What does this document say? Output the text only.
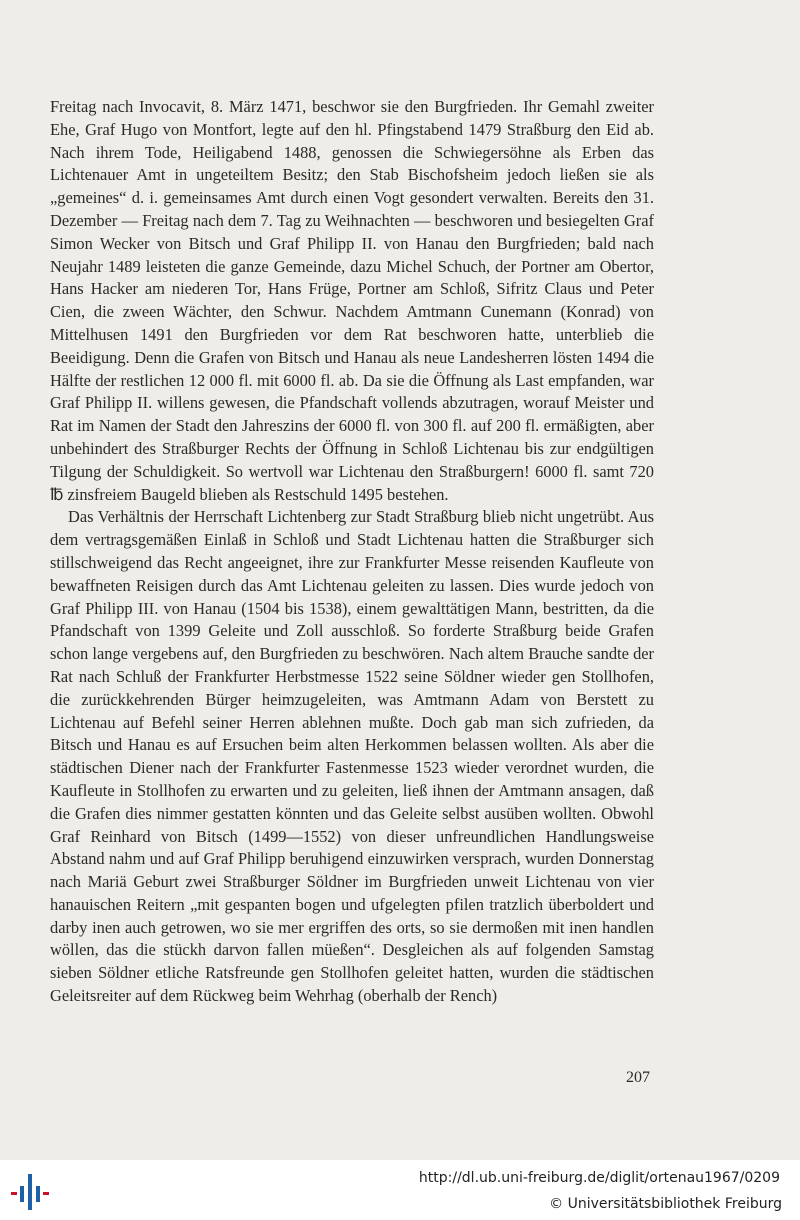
Freitag nach Invocavit, 8. März 1471, beschwor sie den Burgfrieden. Ihr Gemahl zweiter Ehe, Graf Hugo von Montfort, legte auf den hl. Pfingstabend 1479 Straßburg den Eid ab. Nach ihrem Tode, Heiligabend 1488, genossen die Schwiegersöhne als Erben das Lichtenauer Amt in ungeteiltem Besitz; den Stab Bischofsheim jedoch ließen sie als „gemeines“ d. i. gemeinsames Amt durch einen Vogt gesondert verwalten. Bereits den 31. Dezember — Freitag nach dem 7. Tag zu Weihnachten — beschworen und besiegelten Graf Simon Wecker von Bitsch und Graf Philipp II. von Hanau den Burgfrieden; bald nach Neujahr 1489 leisteten die ganze Gemeinde, dazu Michel Schuch, der Portner am Obertor, Hans Hacker am niederen Tor, Hans Früge, Portner am Schloß, Sifritz Claus und Peter Cien, die zween Wächter, den Schwur. Nachdem Amtmann Cunemann (Konrad) von Mittelhusen 1491 den Burgfrieden vor dem Rat beschworen hatte, unterblieb die Beeidigung. Denn die Grafen von Bitsch und Hanau als neue Landesherren lösten 1494 die Hälfte der restlichen 12 000 fl. mit 6000 fl. ab. Da sie die Öffnung als Last empfanden, war Graf Philipp II. willens gewesen, die Pfandschaft vollends abzutragen, worauf Meister und Rat im Namen der Stadt den Jahreszins der 6000 fl. von 300 fl. auf 200 fl. ermäßigten, aber unbehindert des Straßburger Rechts der Öffnung in Schloß Lichtenau bis zur endgültigen Tilgung der Schuldigkeit. So wertvoll war Lichtenau den Straßburgern! 6000 fl. samt 720 ℔ zinsfreiem Baugeld blieben als Restschuld 1495 bestehen.

Das Verhältnis der Herrschaft Lichtenberg zur Stadt Straßburg blieb nicht ungetrübt. Aus dem vertragsgemäßen Einlaß in Schloß und Stadt Lichtenau hatten die Straßburger sich stillschweigend das Recht angeeignet, ihre zur Frankfurter Messe reisenden Kaufleute von bewaffneten Reisigen durch das Amt Lichtenau geleiten zu lassen. Dies wurde jedoch von Graf Philipp III. von Hanau (1504 bis 1538), einem gewalttätigen Mann, bestritten, da die Pfandschaft von 1399 Geleite und Zoll ausschloß. So forderte Straßburg beide Grafen schon lange vergebens auf, den Burgfrieden zu beschwören. Nach altem Brauche sandte der Rat nach Schluß der Frankfurter Herbstmesse 1522 seine Söldner wieder gen Stollhofen, die zurückkehrenden Bürger heimzugeleiten, was Amtmann Adam von Berstett zu Lichtenau auf Befehl seiner Herren ablehnen mußte. Doch gab man sich zufrieden, da Bitsch und Hanau es auf Ersuchen beim alten Herkommen belassen wollten. Als aber die städtischen Diener nach der Frankfurter Fastenmesse 1523 wieder verordnet wurden, die Kaufleute in Stollhofen zu erwarten und zu geleiten, ließ ihnen der Amtmann ansagen, daß die Grafen dies nimmer gestatten könnten und das Geleite selbst ausüben wollten. Obwohl Graf Reinhard von Bitsch (1499—1552) von dieser unfreundlichen Handlungsweise Abstand nahm und auf Graf Philipp beruhigend einzuwirken versprach, wurden Donnerstag nach Mariä Geburt zwei Straßburger Söldner im Burgfrieden unweit Lichtenau von vier hanauischen Reitern „mit gespanten bogen und ufgelegten pfilen tratzlich überboldert und darby inen auch getrowen, wo sie mer ergriffen des orts, so sie dermoßen mit inen handlen wöllen, das die stückh darvon fallen müeßen“. Desgleichen als auf folgenden Samstag sieben Söldner etliche Ratsfreunde gen Stollhofen geleitet hatten, wurden die städtischen Geleitsreiter auf dem Rückweg beim Wehrhag (oberhalb der Rench)

207
http://dl.ub.uni-freiburg.de/diglit/ortenau1967/0209
© Universitätsbibliothek Freiburg
